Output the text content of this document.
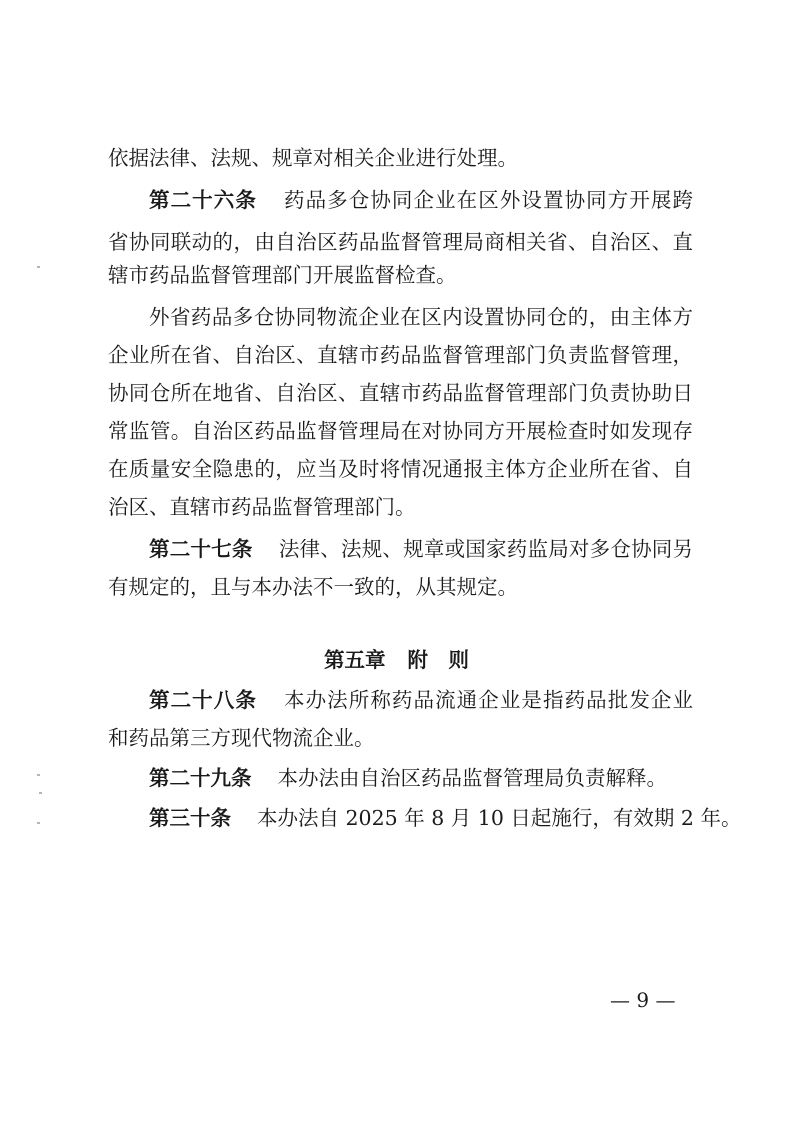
依据法律、法规、规章对相关企业进行处理。
第二十六条 药品多仓协同企业在区外设置协同方开展跨
省协同联动的，由自治区药品监督管理局商相关省、自治区、直
辖市药品监督管理部门开展监督检查。
外省药品多仓协同物流企业在区内设置协同仓的，由主体方
企业所在省、自治区、直辖市药品监督管理部门负责监督管理，
协同仓所在地省、自治区、直辖市药品监督管理部门负责协助日
常监管。自治区药品监督管理局在对协同方开展检查时如发现存
在质量安全隐患的，应当及时将情况通报主体方企业所在省、自
治区、直辖市药品监督管理部门。
第二十七条 法律、法规、规章或国家药监局对多仓协同另
有规定的，且与本办法不一致的，从其规定。
第五章 附　则
第二十八条 本办法所称药品流通企业是指药品批发企业
和药品第三方现代物流企业。
第二十九条 本办法由自治区药品监督管理局负责解释。
第三十条 本办法自 2025 年 8 月 10 日起施行，有效期 2 年。
— 9 —
